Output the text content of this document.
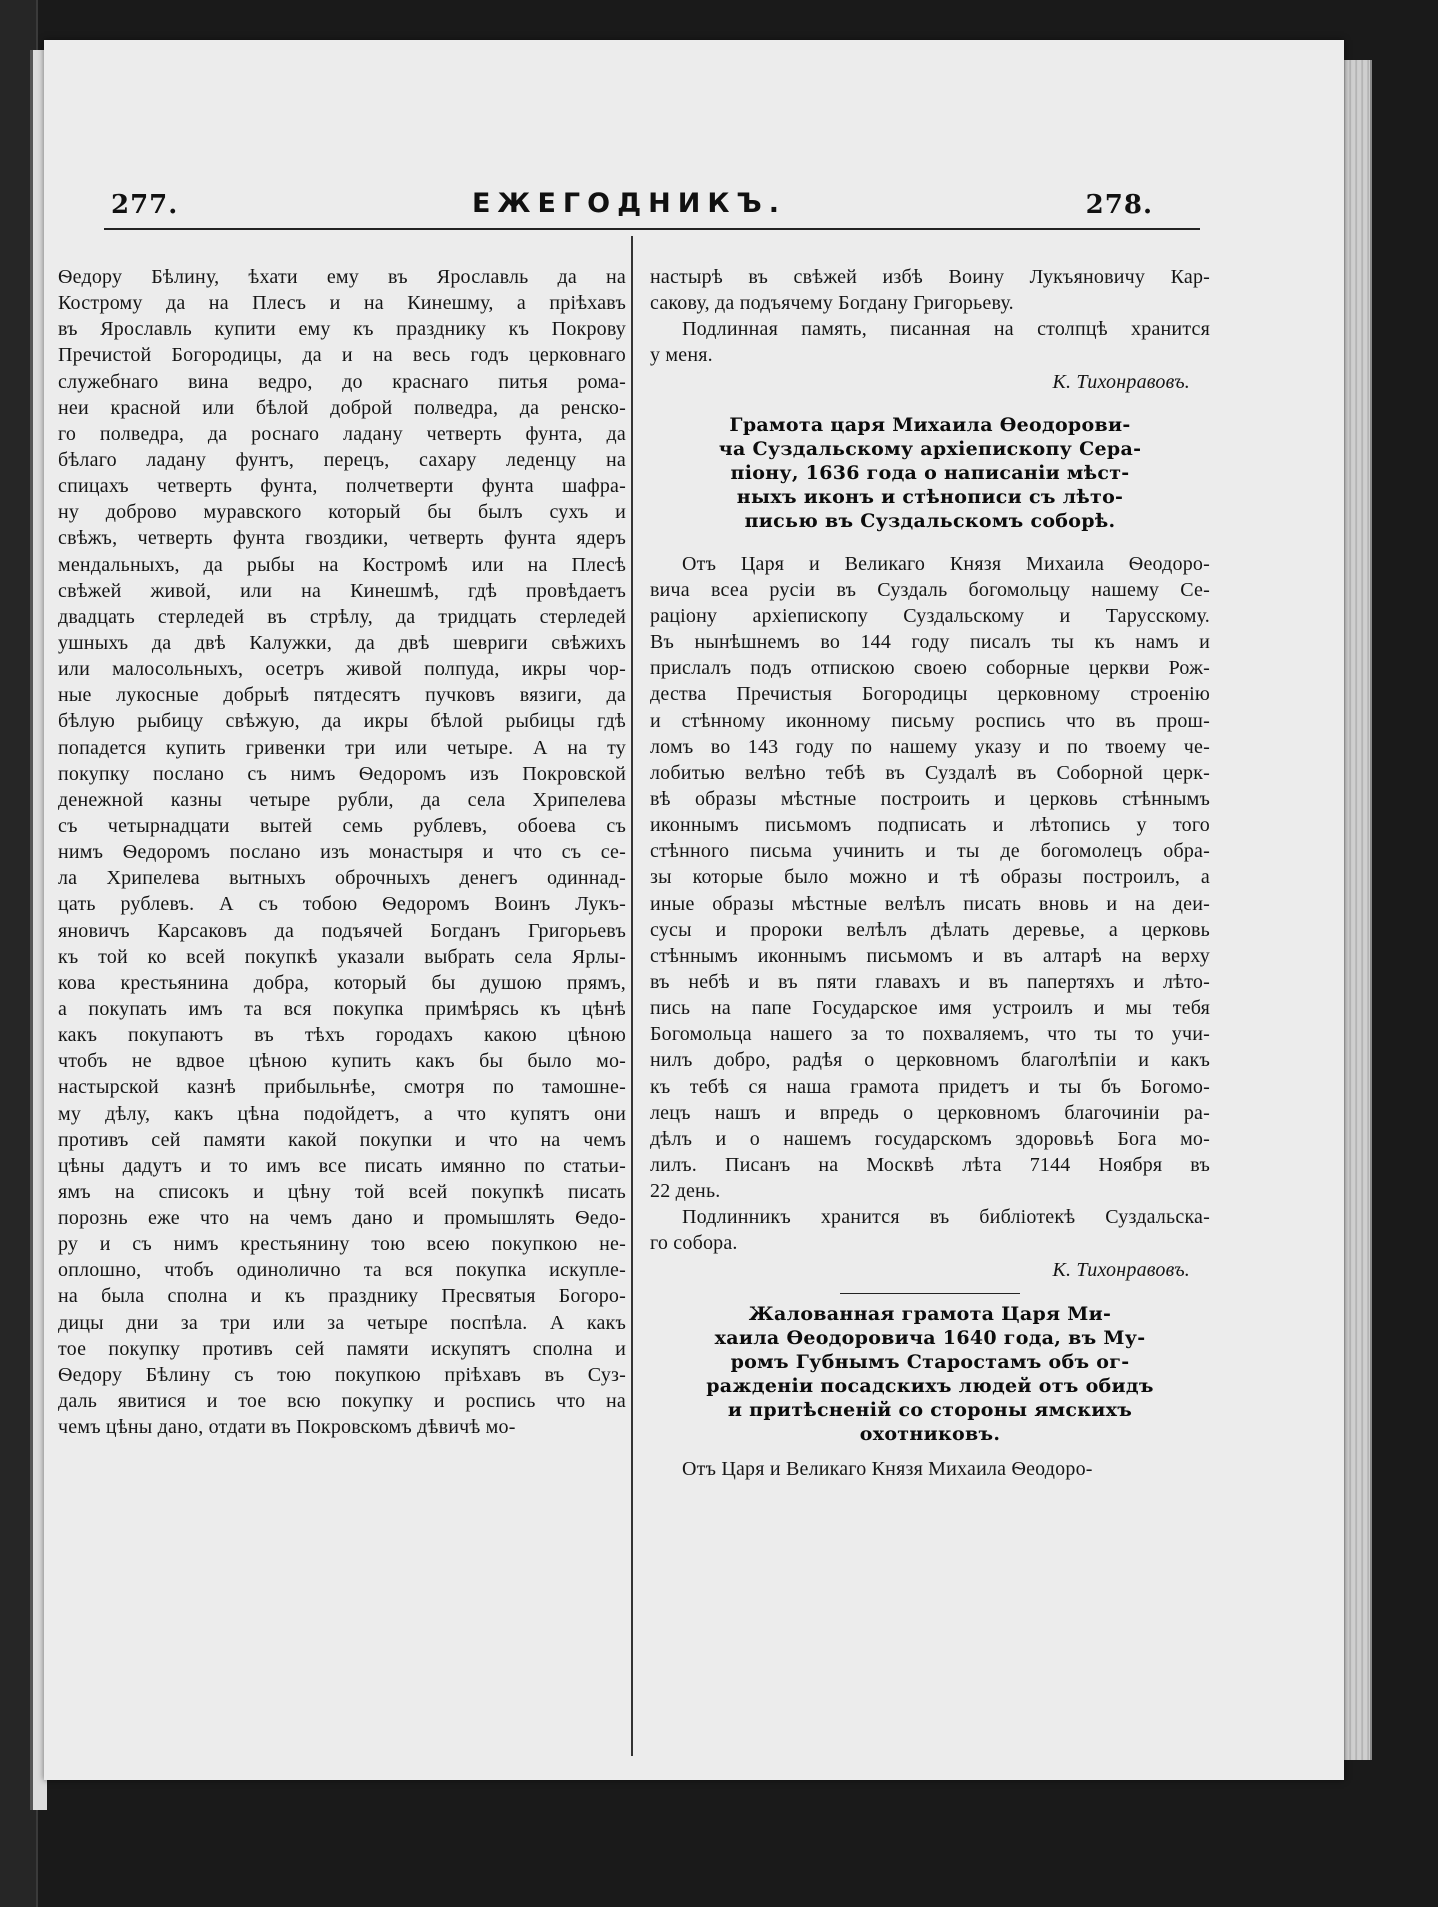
277.	ЕЖЕГОДНИКЪ.	278.
Ѳедору Бѣлину, ѣхати ему въ Ярославль да на
Кострому да на Плесъ и на Кинешму, а пріѣхавъ
въ Ярославль купити ему къ празднику къ Покрову
Пречистой Богородицы, да и на весь годъ церковнаго
служебнаго вина ведро, до краснаго питья рома-
неи красной или бѣлой доброй полведра, да ренско-
го полведра, да роснаго ладану четверть фунта, да
бѣлаго ладану фунтъ, перецъ, сахару леденцу на
спицахъ четверть фунта, полчетверти фунта шафра-
ну доброво муравского который бы былъ сухъ и
свѣжъ, четверть фунта гвоздики, четверть фунта ядеръ
мендальныхъ, да рыбы на Костромѣ или на Плесѣ
свѣжей живой, или на Кинешмѣ, гдѣ провѣдаетъ
двадцать стерледей въ стрѣлу, да тридцать стерледей
ушныхъ да двѣ Калужки, да двѣ шевриги свѣжихъ
или малосольныхъ, осетръ живой полпуда, икры чор-
ные лукосные добрыѣ пятдесятъ пучковъ вязиги, да
бѣлую рыбицу свѣжую, да икры бѣлой рыбицы гдѣ
попадется купить гривенки три или четыре. А на ту
покупку послано съ нимъ Ѳедоромъ изъ Покровской
денежной казны четыре рубли, да села Хрипелева
съ четырнадцати вытей семь рублевъ, обоева съ
нимъ Ѳедоромъ послано изъ монастыря и что съ се-
ла Хрипелева вытныхъ оброчныхъ денегъ одиннад-
цать рублевъ. А съ тобою Ѳедоромъ Воинъ Лукъ-
яновичъ Карсаковъ да подъячей Богданъ Григорьевъ
къ той ко всей покупкѣ указали выбрать села Ярлы-
кова крестьянина добра, который бы душою прямъ,
а покупать имъ та вся покупка примѣрясь къ цѣнѣ
какъ покупаютъ въ тѣхъ городахъ какою цѣною
чтобъ не вдвое цѣною купить какъ бы было мо-
настырской казнѣ прибыльнѣе, смотря по тамошне-
му дѣлу, какъ цѣна подойдетъ, а что купятъ они
противъ сей памяти какой покупки и что на чемъ
цѣны дадутъ и то имъ все писать имянно по статьи-
ямъ на списокъ и цѣну той всей покупкѣ писать
порознь еже что на чемъ дано и промышлять Ѳедо-
ру и съ нимъ крестьянину тою всею покупкою не-
оплошно, чтобъ одинолично та вся покупка искупле-
на была сполна и къ празднику Пресвятыя Богоро-
дицы дни за три или за четыре поспѣла. А какъ
тое покупку противъ сей памяти искупятъ сполна и
Ѳедору Бѣлину съ тою покупкою пріѣхавъ въ Суз-
даль явитися и тое всю покупку и роспись что на
чемъ цѣны дано, отдати въ Покровскомъ дѣвичѣ мо-
настырѣ въ свѣжей избѣ Воину Лукъяновичу Кар-
сакову, да подъячему Богдану Григорьеву.
Подлинная память, писанная на столпцѣ хранится
у меня.
К. Тихонравовъ.
Грамота царя Михаила Ѳеодорови-
ча Суздальскому архіепископу Сера-
піону, 1636 года о написаніи мѣст-
ныхъ иконъ и стѣнописи съ лѣто-
писью въ Суздальскомъ соборѣ.
Отъ Царя и Великаго Князя Михаила Ѳеодоро-
вича всеа русіи въ Суздаль богомольцу нашему Се-
раціону архіепископу Суздальскому и Тарусскому.
Въ нынѣшнемъ во 144 году писалъ ты къ намъ и
прислалъ подъ отпискою своею соборные церкви Рож-
дества Пречистыя Богородицы церковному строенію
и стѣнному иконному письму роспись что въ прош-
ломъ во 143 году по нашему указу и по твоему че-
лобитью велѣно тебѣ въ Суздалѣ въ Соборной церк-
вѣ образы мѣстные построить и церковь стѣннымъ
иконнымъ письмомъ подписать и лѣтопись у того
стѣнного письма учинить и ты де богомолецъ обра-
зы которые было можно и тѣ образы построилъ, а
иные образы мѣстные велѣлъ писать вновь и на деи-
сусы и пророки велѣлъ дѣлать деревье, а церковь
стѣннымъ иконнымъ письмомъ и въ алтарѣ на верху
въ небѣ и въ пяти главахъ и въ папертяхъ и лѣто-
пись на папе Государское имя устроилъ и мы тебя
Богомольца нашего за то похваляемъ, что ты то учи-
нилъ добро, радѣя о церковномъ благолѣпіи и какъ
къ тебѣ ся наша грамота придетъ и ты бъ Богомо-
лецъ нашъ и впредь о церковномъ благочиніи ра-
дѣлъ и о нашемъ государскомъ здоровьѣ Бога мо-
лилъ. Писанъ на Москвѣ лѣта 7144 Ноября въ
22 день.
Подлинникъ хранится въ библіотекѣ Суздальска-
го собора.
К. Тихонравовъ.
Жалованная грамота Царя Ми-
хаила Ѳеодоровича 1640 года, въ Му-
ромъ Губнымъ Старостамъ объ ог-
ражденіи посадскихъ людей отъ обидъ
и притѣсненій со стороны ямскихъ
охотниковъ.
Отъ Царя и Великаго Князя Михаила Ѳеодоро-
